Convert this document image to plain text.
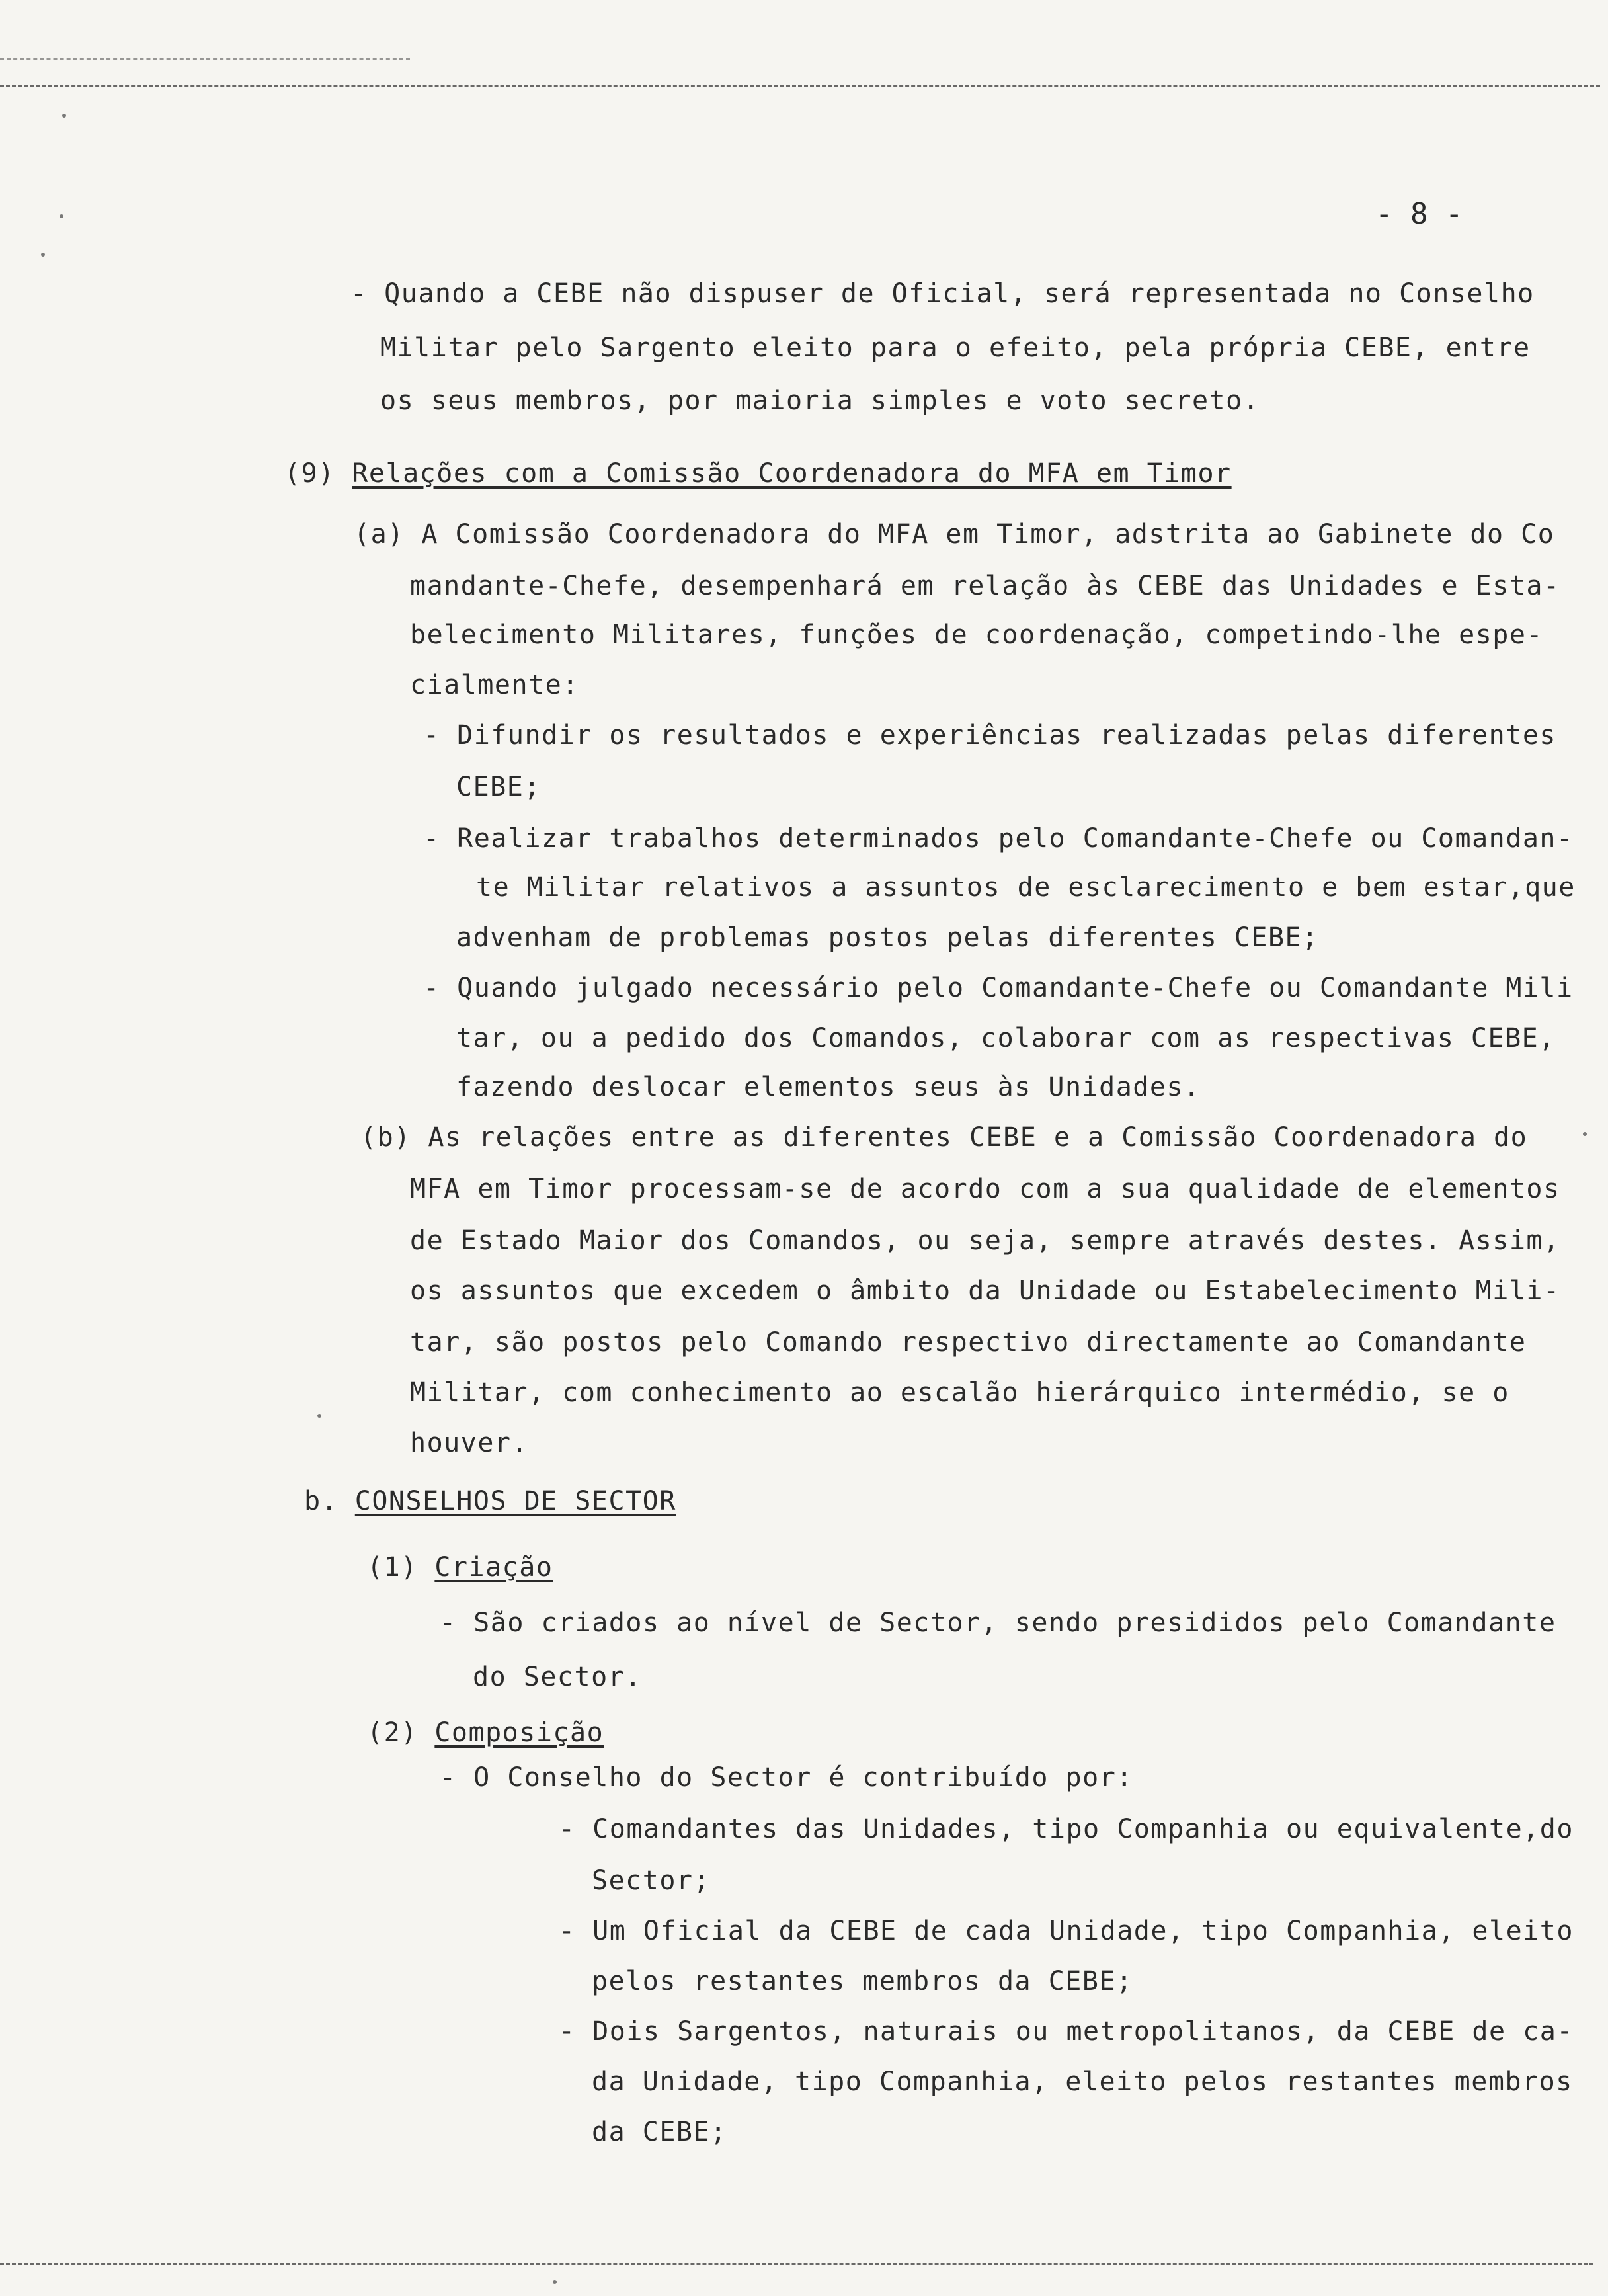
- 8 -
- Quando a CEBE não dispuser de Oficial, será representada no Conselho
Militar pelo Sargento eleito para o efeito, pela própria CEBE, entre
os seus membros, por maioria simples e voto secreto.
(9) Relações com a Comissão Coordenadora do MFA em Timor
(a) A Comissão Coordenadora do MFA em Timor, adstrita ao Gabinete do Co
mandante-Chefe, desempenhará em relação às CEBE das Unidades e Esta-
belecimento Militares, funções de coordenação, competindo-lhe espe-
cialmente:
- Difundir os resultados e experiências realizadas pelas diferentes
CEBE;
- Realizar trabalhos determinados pelo Comandante-Chefe ou Comandan-
te Militar relativos a assuntos de esclarecimento e bem estar,que
advenham de problemas postos pelas diferentes CEBE;
- Quando julgado necessário pelo Comandante-Chefe ou Comandante Mili
tar, ou a pedido dos Comandos, colaborar com as respectivas CEBE,
fazendo deslocar elementos seus às Unidades.
(b) As relações entre as diferentes CEBE e a Comissão Coordenadora do
MFA em Timor processam-se de acordo com a sua qualidade de elementos
de Estado Maior dos Comandos, ou seja, sempre através destes. Assim,
os assuntos que excedem o âmbito da Unidade ou Estabelecimento Mili-
tar, são postos pelo Comando respectivo directamente ao Comandante
Militar, com conhecimento ao escalão hierárquico intermédio, se o
houver.
b. CONSELHOS DE SECTOR
(1) Criação
- São criados ao nível de Sector, sendo presididos pelo Comandante
do Sector.
(2) Composição
- O Conselho do Sector é contribuído por:
- Comandantes das Unidades, tipo Companhia ou equivalente,do
Sector;
- Um Oficial da CEBE de cada Unidade, tipo Companhia, eleito
pelos restantes membros da CEBE;
- Dois Sargentos, naturais ou metropolitanos, da CEBE de ca-
da Unidade, tipo Companhia, eleito pelos restantes membros
da CEBE;
